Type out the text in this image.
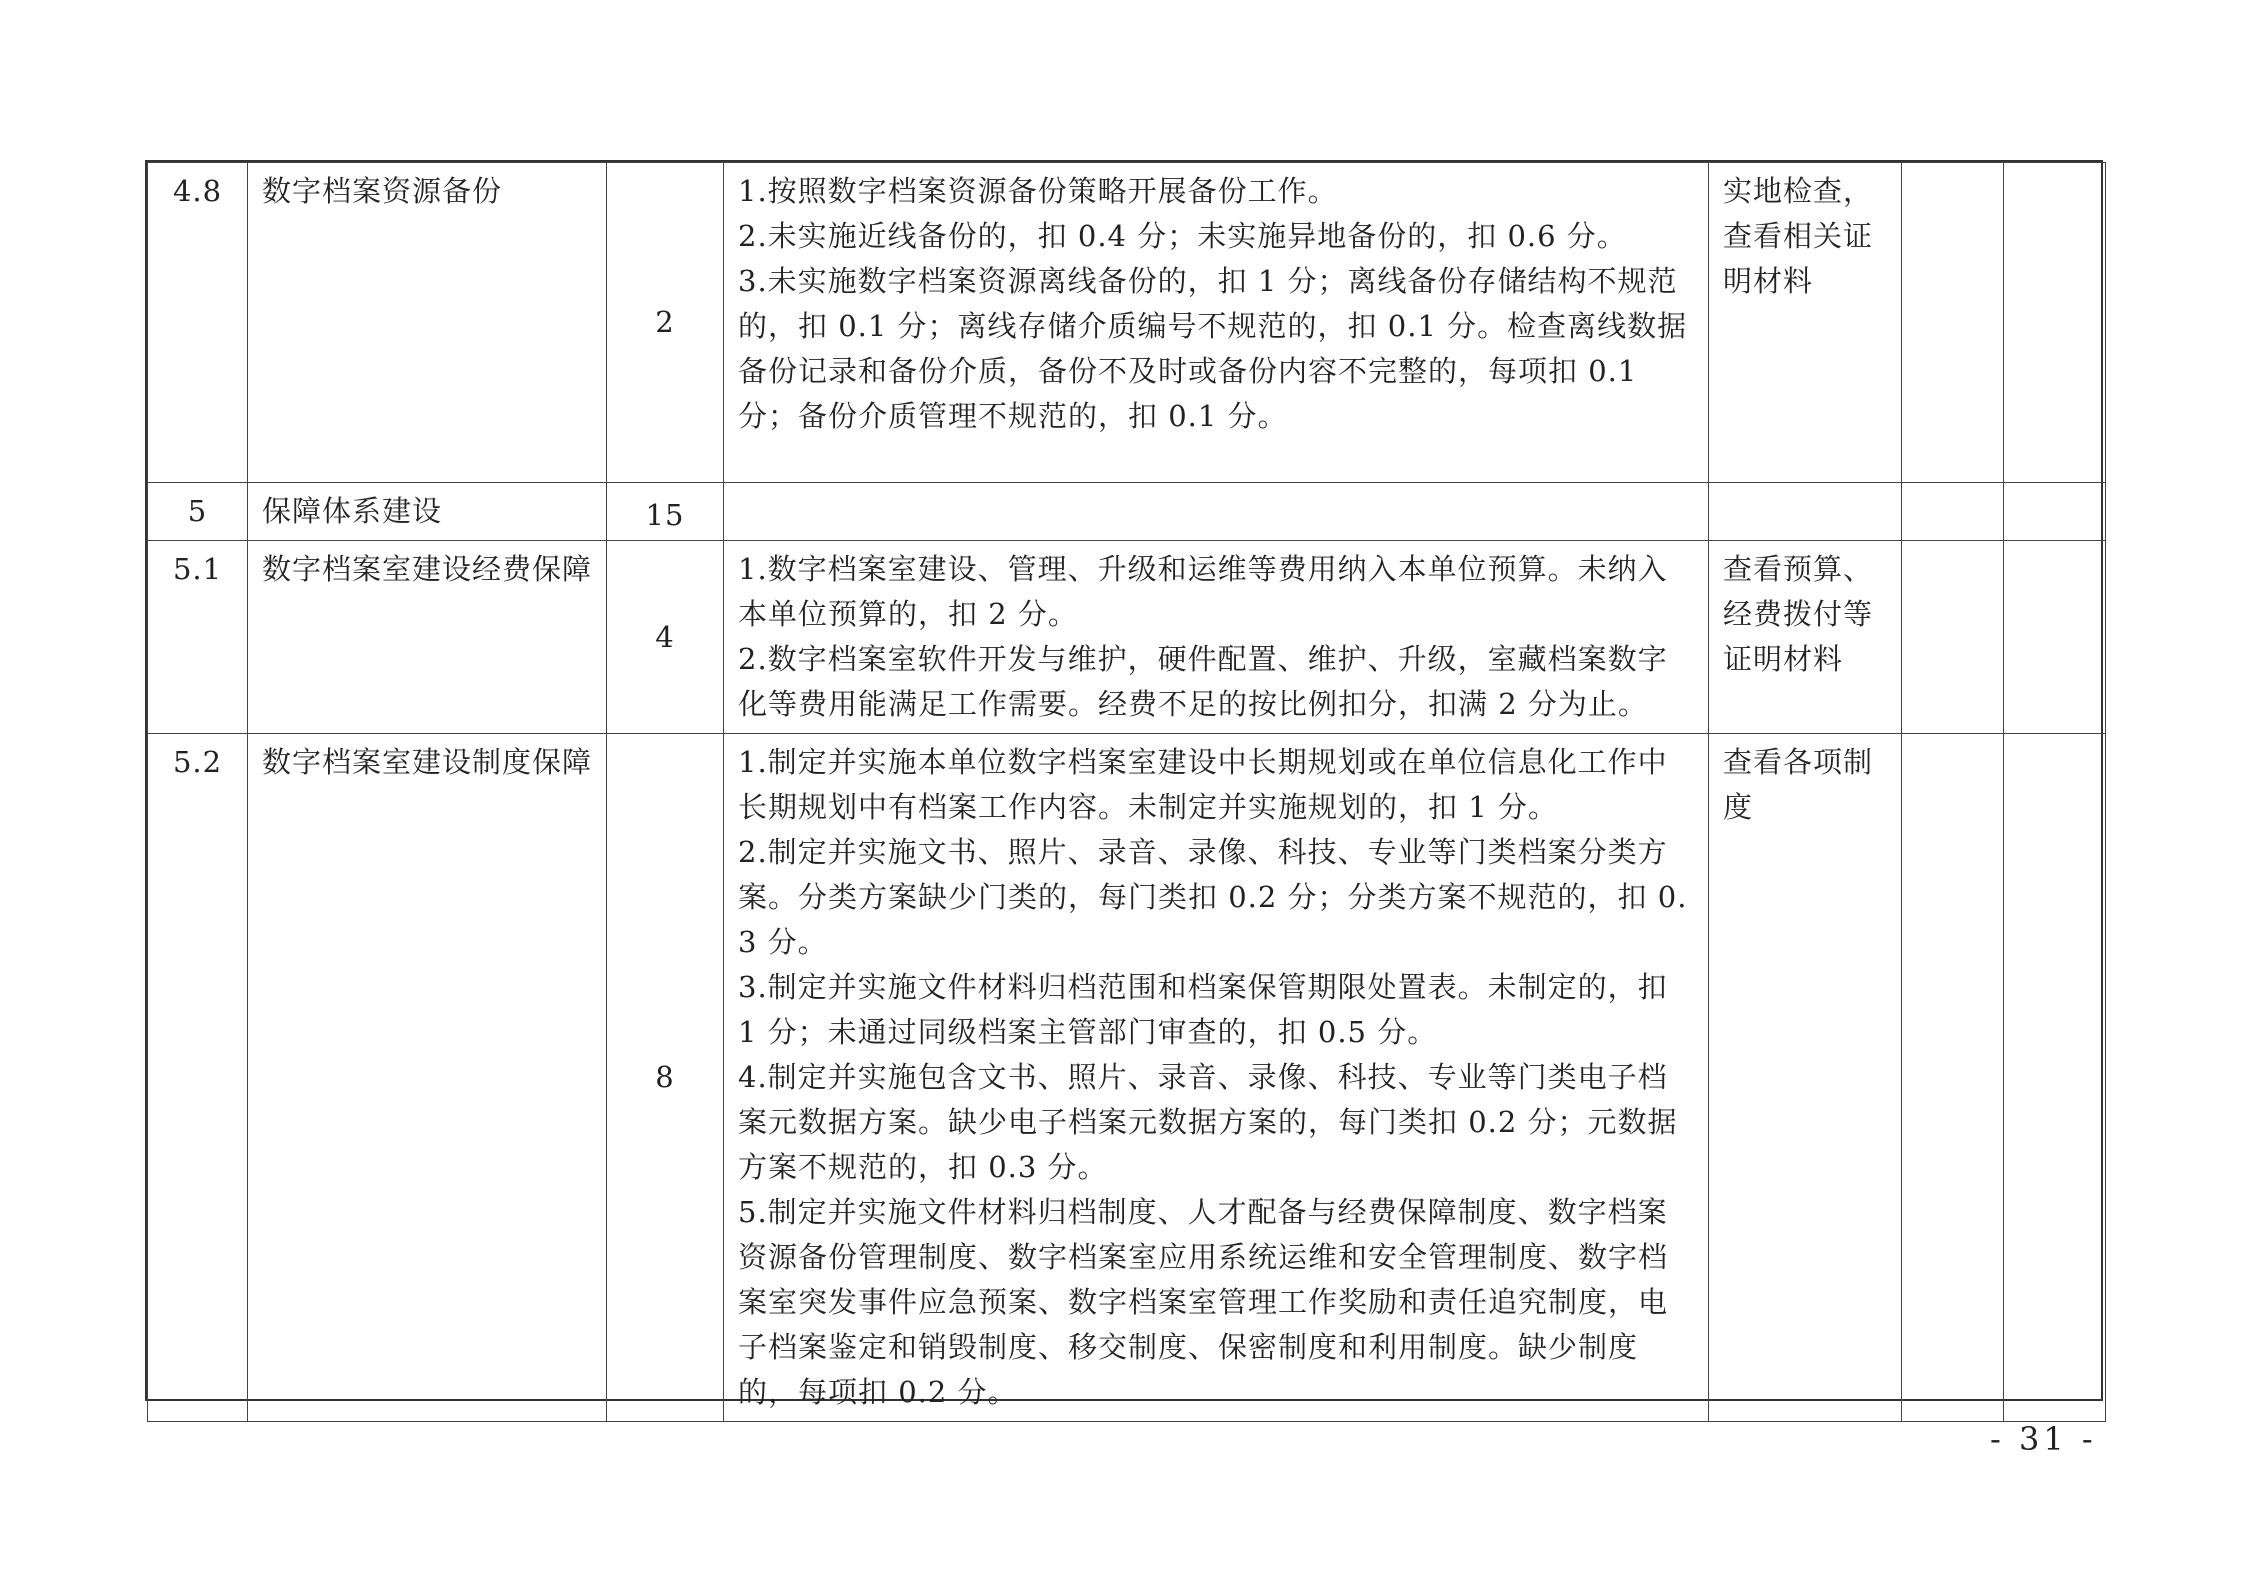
4.8	数字档案资源备份	2	1.按照数字档案资源备份策略开展备份工作。
2.未实施近线备份的，扣 0.4 分；未实施异地备份的，扣 0.6 分。
3.未实施数字档案资源离线备份的，扣 1 分；离线备份存储结构不规范的，扣 0.1 分；离线存储介质编号不规范的，扣 0.1 分。检查离线数据备份记录和备份介质，备份不及时或备份内容不完整的，每项扣 0.1 分；备份介质管理不规范的，扣 0.1 分。	实地检查，查看相关证明材料		
5	保障体系建设	15				
5.1	数字档案室建设经费保障	4	1.数字档案室建设、管理、升级和运维等费用纳入本单位预算。未纳入本单位预算的，扣 2 分。
2.数字档案室软件开发与维护，硬件配置、维护、升级，室藏档案数字化等费用能满足工作需要。经费不足的按比例扣分，扣满 2 分为止。	查看预算、经费拨付等证明材料		
5.2	数字档案室建设制度保障	8	1.制定并实施本单位数字档案室建设中长期规划或在单位信息化工作中长期规划中有档案工作内容。未制定并实施规划的，扣 1 分。
2.制定并实施文书、照片、录音、录像、科技、专业等门类档案分类方案。分类方案缺少门类的，每门类扣 0.2 分；分类方案不规范的，扣 0.3 分。
3.制定并实施文件材料归档范围和档案保管期限处置表。未制定的，扣 1 分；未通过同级档案主管部门审查的，扣 0.5 分。
4.制定并实施包含文书、照片、录音、录像、科技、专业等门类电子档案元数据方案。缺少电子档案元数据方案的，每门类扣 0.2 分；元数据方案不规范的，扣 0.3 分。
5.制定并实施文件材料归档制度、人才配备与经费保障制度、数字档案资源备份管理制度、数字档案室应用系统运维和安全管理制度、数字档案室突发事件应急预案、数字档案室管理工作奖励和责任追究制度，电子档案鉴定和销毁制度、移交制度、保密制度和利用制度。缺少制度的，每项扣 0.2 分。	查看各项制度		
- 31 -
